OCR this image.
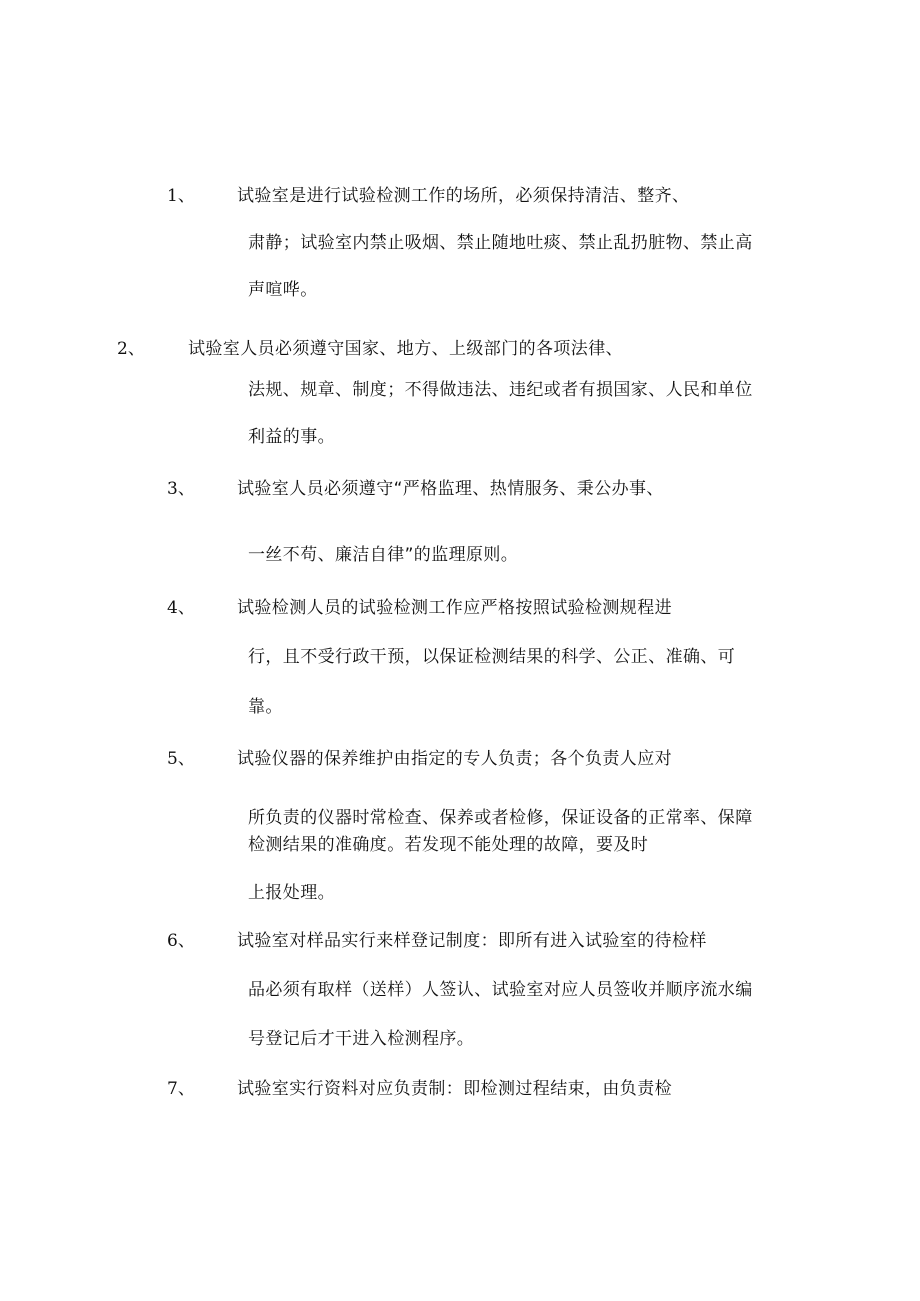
1、 试验室是进行试验检测工作的场所，必须保持清洁、整齐、
肃静；试验室内禁止吸烟、禁止随地吐痰、禁止乱扔脏物、禁止高
声喧哗。
2、	试验室人员必须遵守国家、地方、上级部门的各项法律、
法规、规章、制度；不得做违法、违纪或者有损国家、人民和单位
利益的事。
3、 试验室人员必须遵守“严格监理、热情服务、秉公办事、
一丝不苟、廉洁自律”的监理原则。
4、 试验检测人员的试验检测工作应严格按照试验检测规程进
行，且不受行政干预，以保证检测结果的科学、公正、准确、可
靠。
5、 试验仪器的保养维护由指定的专人负责；各个负责人应对
所负责的仪器时常检查、保养或者检修，保证设备的正常率、保障
检测结果的准确度。若发现不能处理的故障，要及时
上报处理。
6、 试验室对样品实行来样登记制度：即所有进入试验室的待检样
品必须有取样（送样）人签认、试验室对应人员签收并顺序流水编
号登记后才干进入检测程序。
7、 试验室实行资料对应负责制：即检测过程结束，由负责检
